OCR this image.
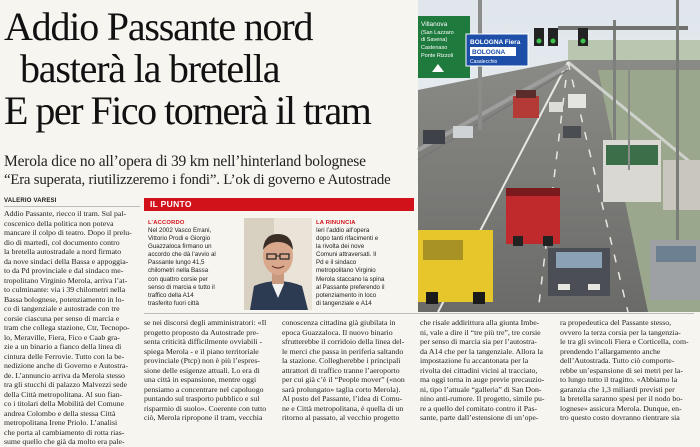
Addio Passante nord
basterà la bretella
E per Fico tornerà il tram
Merola dice no all’opera di 39 km nell’hinterland bolognese
“Era superata, riutilizzeremo i fondi”. L’ok di governo e Autostrade
Villanova
(San Lazzaro
di Savena)
Castenaso
Ponte Rizzoli
BOLOGNA Fiera
BOLOGNA
Casalecchio
VALERIO VARESI
Addio Passante, riecco il tram. Sul pal-
coscenico della politica non poteva
mancare il colpo di teatro. Dopo il prelu-
dio di martedì, col documento contro
la bretella autostradale a nord firmato
da nove sindaci della Bassa e appoggia-
to da Pd provinciale e dal sindaco me-
tropolitano Virginio Merola, arriva l’at-
to culminante: via i 39 chilometri nella
Bassa bolognese, potenziamento in lo-
co di tangenziale e autostrade con tre
corsie ciascuna per senso di marcia e
tram che collega stazione, Ctr, Tecnopo-
lo, Meraville, Fiera, Fico e Caab gra-
zie a un binario a fianco della linea di
cintura delle Ferrovie. Tutto con la be-
nedizione anche di Governo e Autostra-
de. L’annuncio arriva da Merola stesso
tra gli stucchi di palazzo Malvezzi sede
della Città metropolitana. Al suo fian-
co i titolari della Mobilità del Comune
andrea Colombo e della stessa Città
metropolitana Irene Priolo. L’analisi
che porta al cambiamento di rotta rias-
sume quello che già da molto era pale-
IL PUNTO
L’ACCORDO
Nel 2002 Vasco Errani,
Vittorio Prodi e Giorgio
Guazzaloca firmano un
accordo che dà l’avvio al
Passante lungo 41,5
chilometri nella Bassa
con quattro corsie per
senso di marcia e tutto il
traffico della A14
trasferito fuori città
LA RINUNCIA
Ieri l’addio all’opera
dopo tanti rifacimenti e
la rivolta dei nove
Comuni attraversati. Il
Pd e il sindaco
metropolitano Virginio
Merola staccano la spina
al Passante preferendo il
potenziamento in loco
di tangenziale e A14
se nei discorsi degli amministratori: «Il
progetto proposto da Autostrade pre-
senta criticità difficilmente ovviabili -
spiega Merola - e il piano territoriale
provinciale (Ptcp) non è più l’espres-
sione delle esigenze attuali. Lo era di
una città in espansione, mentre oggi
pensiamo a concentrare nel capoluogo
puntando sul trasporto pubblico e sul
risparmio di suolo». Coerente con tutto
ciò, Merola ripropone il tram, vecchia
conoscenza cittadina già giubilata in
epoca Guazzaloca. Il nuovo binario
sfrutterebbe il corridoio della linea del-
le merci che passa in periferia saltando
la stazione. Collegherebbe i principali
attrattori di traffico tranne l’aeroporto
per cui già c’è il “People mover” («non
sarà prolungato» taglia corto Merola).
Al posto del Passante, l’idea di Comu-
ne e Città metropolitana, è quella di un
ritorno al passato, al vecchio progetto
che risale addirittura alla giunta Imbe-
ni, vale a dire il “tre più tre”, tre corsie
per senso di marcia sia per l’autostra-
da A14 che per la tangenziale. Allora la
impostazione fu accantonata per la
rivolta dei cittadini vicini al tracciato,
ma oggi torna in auge previe precauzio-
ni, tipo l’attuale “galleria” di San Don-
nino anti-rumore. Il progetto, simile pu-
re a quello del comitato contro il Pas-
sante, parte dall’estensione di un’ope-
ra propedeutica del Passante stesso,
ovvero la terza corsia per la tangenzia-
le tra gli svincoli Fiera e Corticella, com-
prendendo l’allargamento anche
dell’Autostrada. Tutto ciò comporte-
rebbe un’espansione di sei metri per la-
to lungo tutto il tragitto. «Abbiamo la
garanzia che 1,3 miliardi previsti per
la bretella saranno spesi per il nodo bo-
lognese» assicura Merola. Dunque, en-
tro questo costo dovranno rientrare sia
